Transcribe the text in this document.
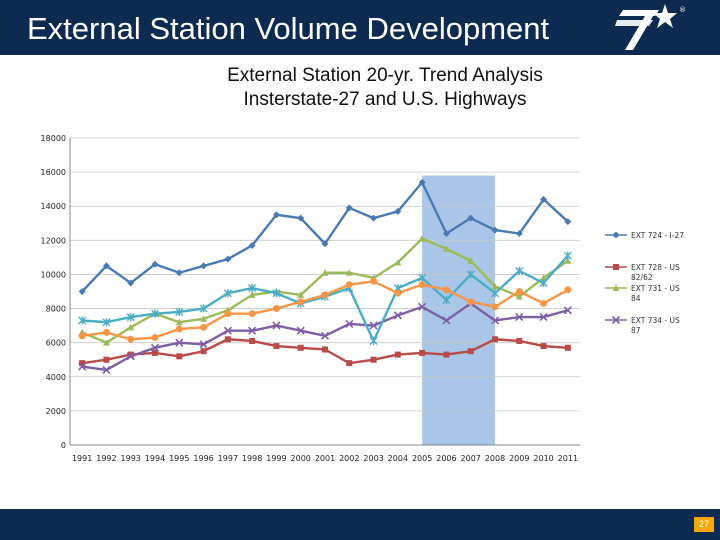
External Station Volume Development
®
External Station 20-yr. Trend Analysis
Insterstate-27 and U.S. Highways
0
2000
4000
6000
8000
10000
12000
14000
16000
18000
1991 1992 1993 1994 1995 1996 1997 1998 1999 2000 2001 2002 2003 2004 2005 2006 2007 2008 2009 2010 2011
EXT 724 - I-27
EXT 728 - US 82/62
EXT 731 - US 84
EXT 734 - US 87
27
